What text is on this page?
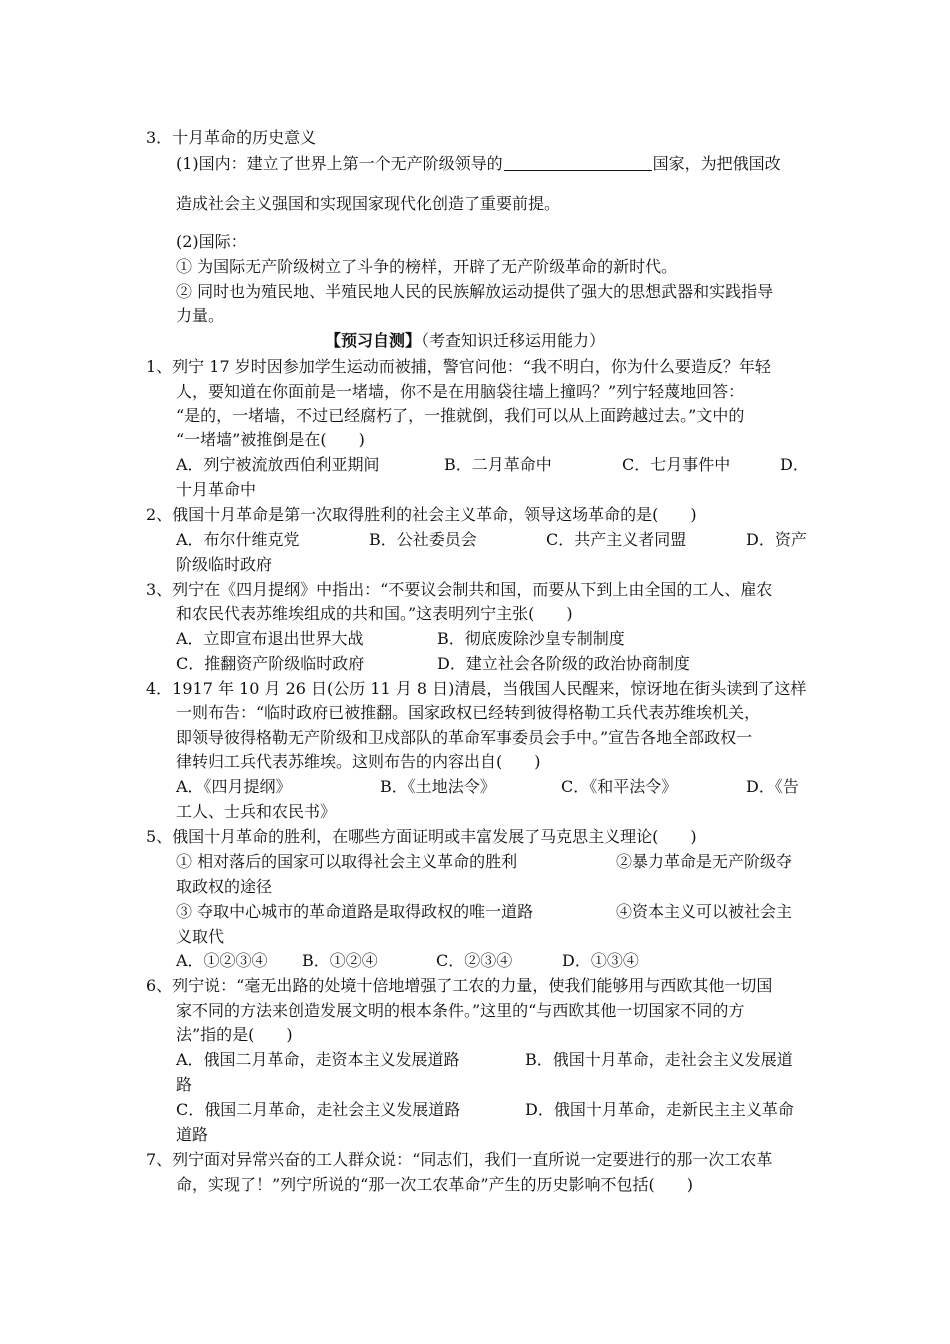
3．十月革命的历史意义
(1)国内：建立了世界上第一个无产阶级领导的	国家，为把俄国改
造成社会主义强国和实现国家现代化创造了重要前提。
(2)国际：
① 为国际无产阶级树立了斗争的榜样，开辟了无产阶级革命的新时代。
② 同时也为殖民地、半殖民地人民的民族解放运动提供了强大的思想武器和实践指导
力量。
【预习自测】（考查知识迁移运用能力）
1、列宁 17 岁时因参加学生运动而被捕，警官问他：“我不明白，你为什么要造反？年轻
人，要知道在你面前是一堵墙，你不是在用脑袋往墙上撞吗？”列宁轻蔑地回答：
“是的，一堵墙，不过已经腐朽了，一推就倒，我们可以从上面跨越过去。”文中的
“一堵墙”被推倒是在(　　)
A．列宁被流放西伯利亚期间	B．二月革命中	C．七月事件中	D．
十月革命中
2、俄国十月革命是第一次取得胜利的社会主义革命，领导这场革命的是(　　)
A．布尔什维克党	B．公社委员会	C．共产主义者同盟	D．资产
阶级临时政府
3、列宁在《四月提纲》中指出：“不要议会制共和国，而要从下到上由全国的工人、雇农
和农民代表苏维埃组成的共和国。”这表明列宁主张(　　)
A．立即宣布退出世界大战	B．彻底废除沙皇专制制度
C．推翻资产阶级临时政府	D．建立社会各阶级的政治协商制度
4．1917 年 10 月 26 日(公历 11 月 8 日)清晨，当俄国人民醒来，惊讶地在街头读到了这样
一则布告：“临时政府已被推翻。国家政权已经转到彼得格勒工兵代表苏维埃机关，
即领导彼得格勒无产阶级和卫戍部队的革命军事委员会手中。”宣告各地全部政权一
律转归工兵代表苏维埃。这则布告的内容出自(　　)
A．《四月提纲》	B．《土地法令》	C．《和平法令》	D．《告
工人、士兵和农民书》
5、俄国十月革命的胜利，在哪些方面证明或丰富发展了马克思主义理论(　　)
① 相对落后的国家可以取得社会主义革命的胜利	②暴力革命是无产阶级夺
取政权的途径
③ 夺取中心城市的革命道路是取得政权的唯一道路	④资本主义可以被社会主
义取代
A．①②③④ B．①②④	C．②③④	D．①③④
6、列宁说：“毫无出路的处境十倍地增强了工农的力量，使我们能够用与西欧其他一切国
家不同的方法来创造发展文明的根本条件。”这里的“与西欧其他一切国家不同的方
法”指的是(　　)
A．俄国二月革命，走资本主义发展道路	B．俄国十月革命，走社会主义发展道
路
C．俄国二月革命，走社会主义发展道路	D．俄国十月革命，走新民主主义革命
道路
7、列宁面对异常兴奋的工人群众说：“同志们，我们一直所说一定要进行的那一次工农革
命，实现了！”列宁所说的“那一次工农革命”产生的历史影响不包括(　　)
